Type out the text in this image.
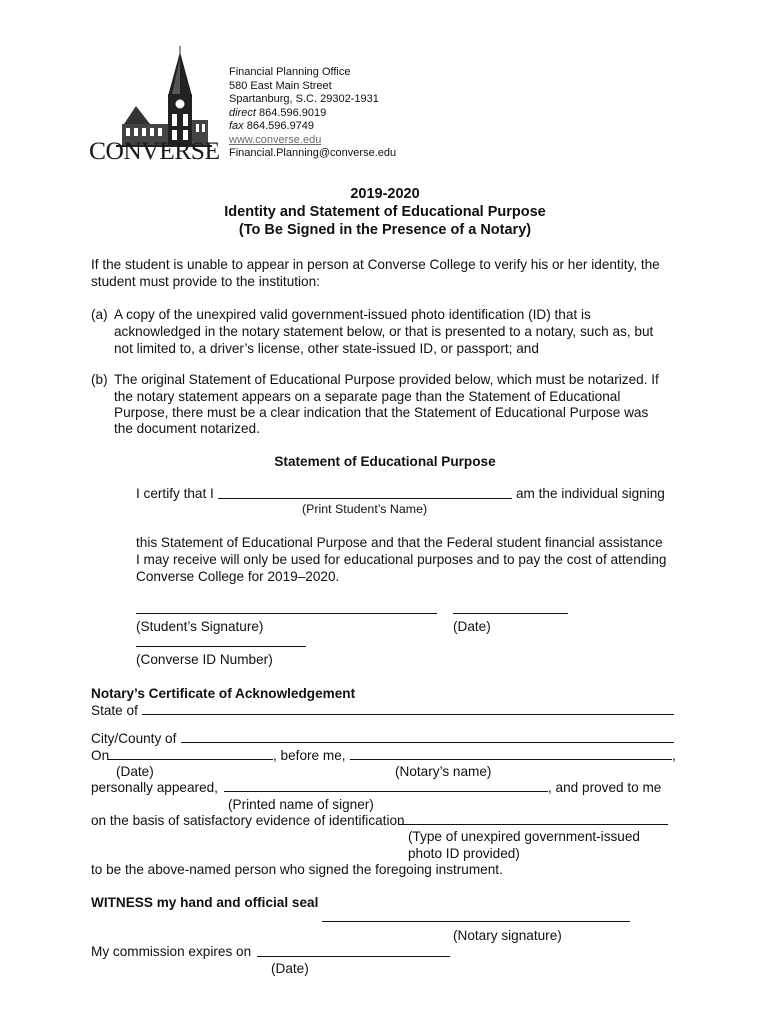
CONVERSE
Financial Planning Office
580 East Main Street
Spartanburg, S.C. 29302-1931
direct 864.596.9019
fax 864.596.9749
www.converse.edu
Financial.Planning@converse.edu
2019-2020
Identity and Statement of Educational Purpose
(To Be Signed in the Presence of a Notary)
If the student is unable to appear in person at Converse College to verify his or her identity, the
student must provide to the institution:
(a) A copy of the unexpired valid government-issued photo identification (ID) that is
acknowledged in the notary statement below, or that is presented to a notary, such as, but
not limited to, a driver’s license, other state-issued ID, or passport; and
(b) The original Statement of Educational Purpose provided below, which must be notarized. If
the notary statement appears on a separate page than the Statement of Educational
Purpose, there must be a clear indication that the Statement of Educational Purpose was
the document notarized.
Statement of Educational Purpose
I certify that I	am the individual signing
(Print Student’s Name)
this Statement of Educational Purpose and that the Federal student financial assistance
I may receive will only be used for educational purposes and to pay the cost of attending
Converse College for 2019–2020.
(Student’s Signature)	(Date)
(Converse ID Number)
Notary’s Certificate of Acknowledgement
State of
City/County of
On	, before me,	,
(Date)	(Notary’s name)
personally appeared,	, and proved to me
(Printed name of signer)
on the basis of satisfactory evidence of identification
(Type of unexpired government-issued
photo ID provided)
to be the above-named person who signed the foregoing instrument.
WITNESS my hand and official seal
(Notary signature)
My commission expires on
(Date)
